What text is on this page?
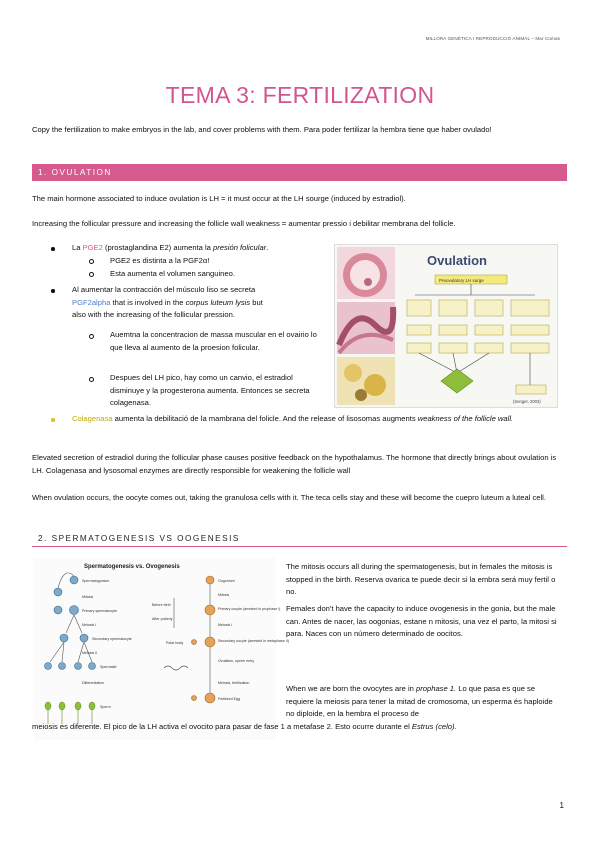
MILLORA GENÈTICA I REPRODUCCIÓ ANIMAL – Mar Comas
TEMA 3: FERTILIZATION
Copy the fertilization to make embryos in the lab, and cover problems with them. Para poder fertilizar la hembra tiene que haber ovulado!
1. OVULATION
The main hormone associated to induce ovulation is LH = it must occur at the LH sourge (induced by estradiol).
Increasing the follicular pressure and increasing the follicle wall weakness = aumentar pressio i debilitar membrana del follicle.
La PGE2 (prostaglandina E2) aumenta la presión folicular.
PGE2 es distinta a la PGF2α!
Esta aumenta el volumen sanguineo.
Al aumentar la contracción del músculo liso se secreta
PGF2alpha that is involved in the corpus luteum lysis but
also with the increasing of the follicular pression.
Auemtna la concentracion de massa muscular en el ovairio lo que lleva al aumento de la proesion folicular.
Despues del LH pico, hay como un canvio, el estradiol disminuye y la progesterona aumenta. Entonces se secreta colagenasa.
Colagenasa aumenta la debilitació de la mambrana del folicle. And the release of lisosomas augments weakness of the follicle wall.
Ovulation
Preovulatory LH surge
(Senger, 2003)
Elevated secretion of estradiol during the follicular phase causes positive feedback on the hypothalamus. The hormone that directly brings about ovulation is LH. Colagenasa and lysosomal enzymes are directly responsible for weakening the follicle wall
When ovulation occurs, the oocyte comes out, taking the granulosa cells with it. The teca cells stay and these will become the cuepro luteum a luteal cell.
2. SPERMATOGENESIS VS OOGENESIS
Spermatogenesis vs. Ovogenesis
Spermatogonium
Mitosis
Primary spermatocyte
Meiosis I
Secondary spermatocyte
Meiosis II
Spermatid
Differentiation
Sperm
Before birth
After puberty
Oogonium
Mitosis
Primary oocyte (arrested in prophase I)
Meiosis I
Polar body	Secondary oocyte (arrested in metaphase II)
Ovulation, sperm entry
Meiosis, fertilization
Fertilized Egg
The mitosis occurs all during the spermatogenesis, but in females the mitosis is stopped in the birth. Reserva ovarica te puede decir si la embra será muy fertil o no.
Females don't have the capacity to induce ovogenesis in the gonia, but the male can. Antes de nacer, las oogonias, estane n mitosis, una vez el parto, la mitosi si para. Naces con un número determinado de oocitos.
When we are born the ovocytes are in prophase 1. Lo que pasa es que se requiere la meiosis para tener la mitad de cromosoma, un esperma és haploide no diploide, en la hembra el proceso de
meiosis es diferente. El pico de la LH activa el ovocito para pasar de fase 1 a metafase 2. Esto ocurre durante el Estrus (celo).
1
